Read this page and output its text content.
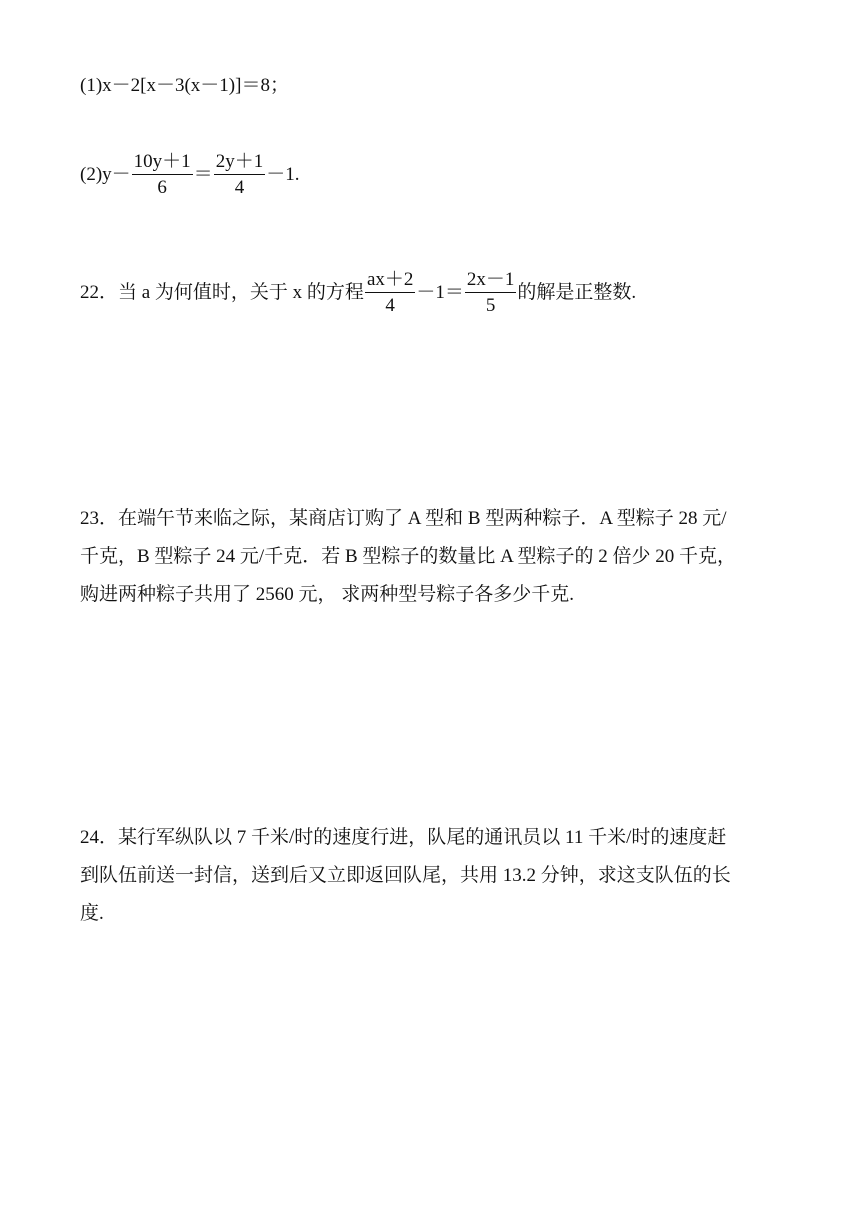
(1)x－2[x－3(x－1)]＝8；
$(2)y- \frac{10y+1}{6} = \frac{2y+1}{4} -1$.
22．当 a 为何值时，关于 x 的方程 $\frac{ax+2}{4} -1= \frac{2x-1}{5}$ 的解是正整数.
23．在端午节来临之际，某商店订购了 A 型和 B 型两种粽子．A 型粽子 28 元/
千克，B 型粽子 24 元/千克．若 B 型粽子的数量比 A 型粽子的 2 倍少 20 千克，
购进两种粽子共用了 2560 元， 求两种型号粽子各多少千克.
24．某行军纵队以 7 千米/时的速度行进，队尾的通讯员以 11 千米/时的速度赶
到队伍前送一封信，送到后又立即返回队尾，共用 13.2 分钟，求这支队伍的长
度.
